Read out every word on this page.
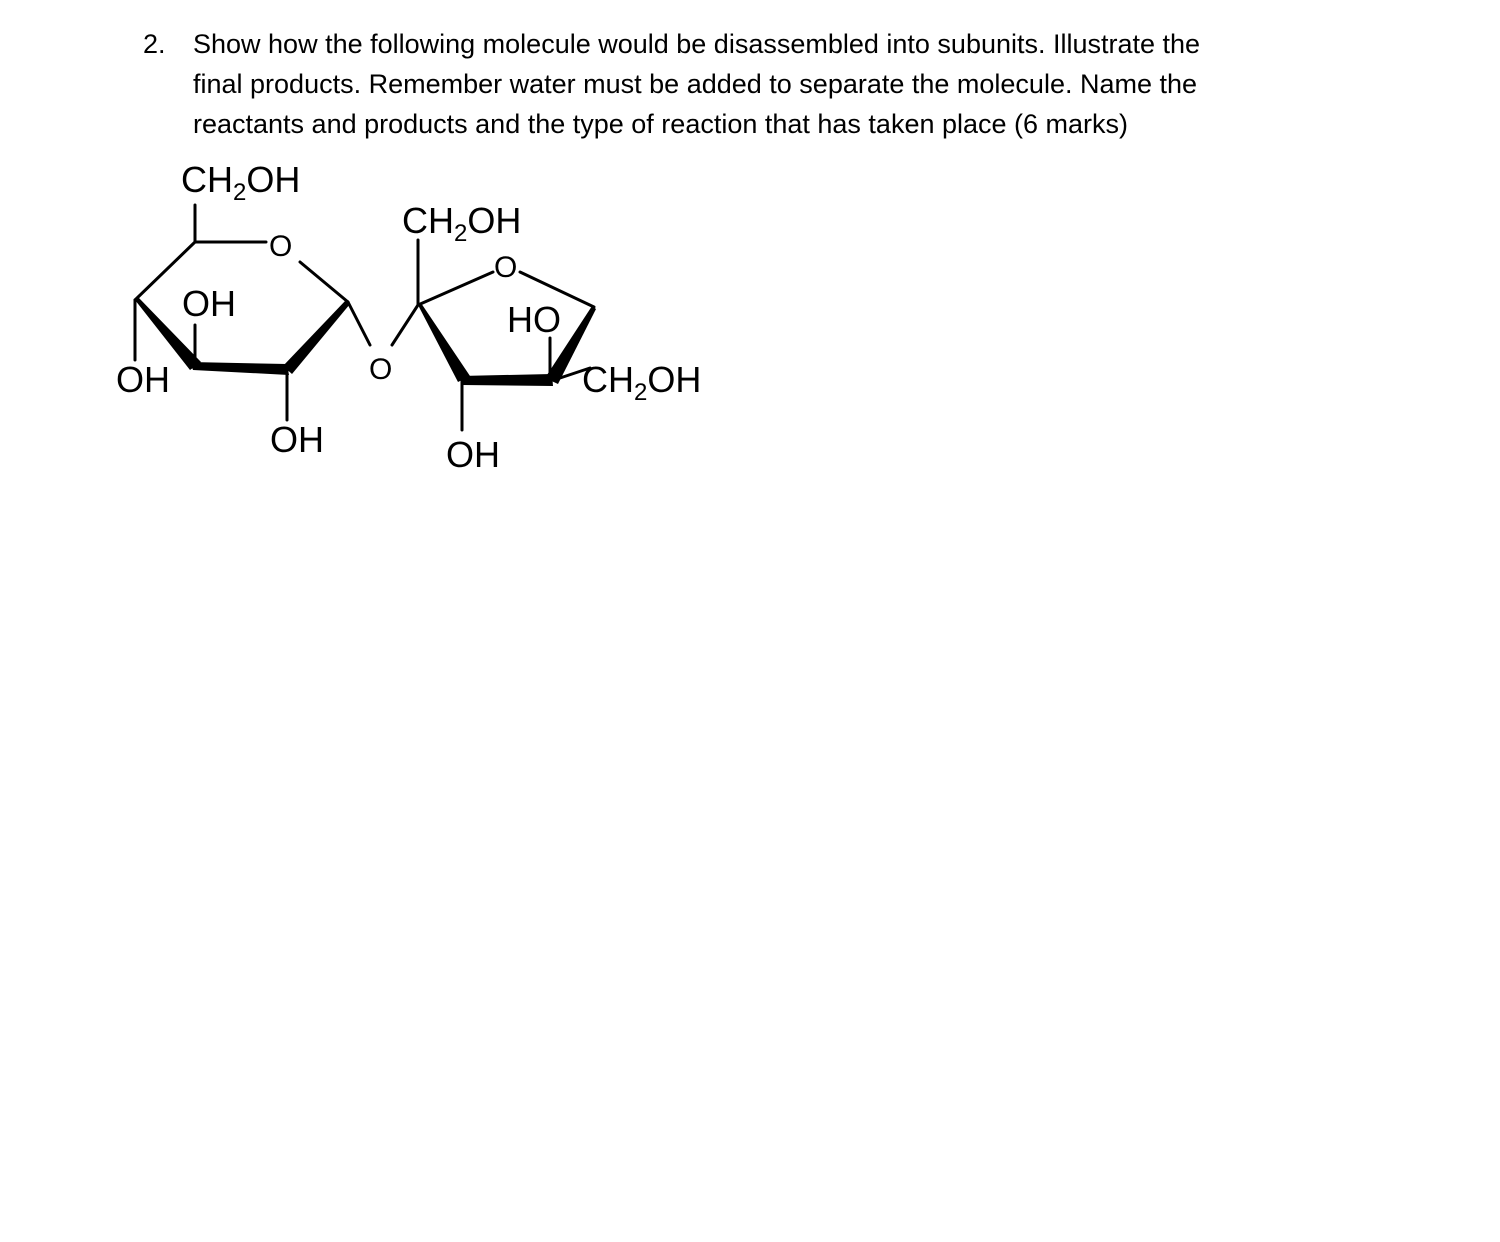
2.	Show how the following molecule would be disassembled into subunits. Illustrate the
final products. Remember water must be added to separate the molecule. Name the
reactants and products and the type of reaction that has taken place (6 marks)
$CH_2OH$
O
OH
OH
OH
O
$CH_2OH$
O
HO
$CH_2OH$
OH
